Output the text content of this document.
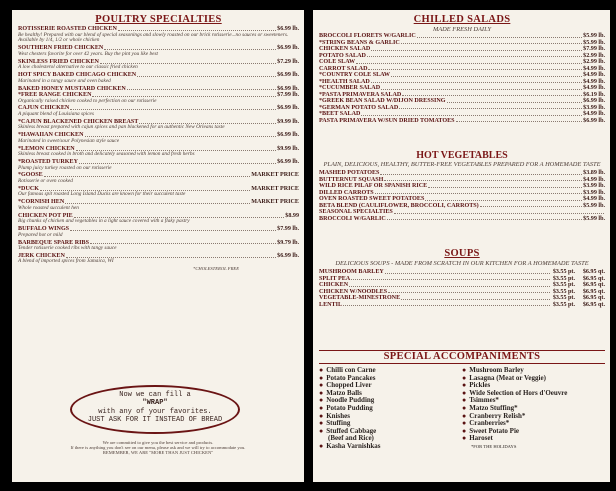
POULTRY SPECIALTIES

ROTISSERIE ROASTED CHICKEN	$6.99 lb.

Be healthy! Prepared with our blend of special seasonings and slowly roasted on our brick rotisserie...no sauces or sweeteners. Available by 1/4, 1/2 or whole chicken

SOUTHERN FRIED CHICKEN	$6.99 lb.

West chesters favorite for over 42 years. Buy the pint you like best

SKINLESS FRIED CHICKEN	$7.29 lb.

A low cholesterol alternative to our classic fried chicken

HOT SPICY BAKED CHICAGO CHICKEN	$6.99 lb.

Marinated in a tangy sauce and oven baked

BAKED HONEY MUSTARD CHICKEN	$6.99 lb.
*FREE RANGE CHICKEN	$7.99 lb.

Organically raised chicken cooked to perfection on our rotisserie

CAJUN CHICKEN	$6.99 lb.

A piquant blend of Louisiana spices

*CAJUN BLACKENED CHICKEN BREAST	$9.99 lb.

Skinless breast prepared with cajun spices and pan blackened for an authentic New Orleans taste

*HAWAIIAN CHICKEN	$6.99 lb.

Marinated in sweet/sour Polynesian style sauce

*LEMON CHICKEN	$9.99 lb.

Skinless breast cooked in broth and delicately seasoned with lemon and fresh herbs

*ROASTED TURKEY	$6.99 lb.

Plump juicy turkey roasted on our rotisserie

*GOOSE	MARKET PRICE

Rotisserie or oven cooked

*DUCK	MARKET PRICE

Our famous spit roasted Long Island Ducks are known for their succulent taste

*CORNISH HEN	MARKET PRICE

Whole roasted succulent hen

CHICKEN POT PIE	$8.99

Big chunks of chicken and vegetables in a light sauce covered with a flaky pastry

BUFFALO WINGS	$7.99 lb.

Prepared hot or mild

BARBEQUE SPARE RIBS	$9.79 lb.

Tender rotisserie cooked ribs with tangy sauce

JERK CHICKEN	$6.99 lb.

A blend of imported spices from Jamaica, WI

*CHOLESTEROL FREE

Now we can fill a

"WRAP"

with any of your favorites.

JUST ASK FOR IT INSTEAD OF BREAD

We are committed to give you the best service and products.

If there is anything you don't see on our menu, please ask and we will try to accommodate you.

REMEMBER, WE ARE "MORE THAN JUST CHICKEN"

CHILLED SALADS

MADE FRESH DAILY

BROCCOLI FLORETS W/GARLIC	$5.99 lb.
*STRING BEANS & GARLIC	$5.99 lb.
CHICKEN SALAD	$7.99 lb.
POTATO SALAD	$2.99 lb.
COLE SLAW	$2.99 lb.
CARROT SALAD	$4.99 lb.
*COUNTRY COLE SLAW	$4.99 lb.
*HEALTH SALAD	$4.99 lb.
*CUCUMBER SALAD	$4.99 lb.
*PASTA PRIMAVERA SALAD	$6.19 lb.
*GREEK BEAN SALAD W/DIJON DRESSING	$6.99 lb.
*GERMAN POTATO SALAD	$3.99 lb.
*BEET SALAD	$4.99 lb.
PASTA PRIMAVERA W/SUN DRIED TOMATOES	$6.99 lb.

HOT VEGETABLES

PLAIN, DELICIOUS, HEALTHY, BUTTER-FREE VEGETABLES PREPARED FOR A HOMEMADE TASTE

MASHED POTATOES	$3.89 lb.
BUTTERNUT SQUASH	$4.99 lb.
WILD RICE PILAF OR SPANISH RICE	$3.99 lb.
DILLED CARROTS	$3.99 lb.
OVEN ROASTED SWEET POTATOES	$4.99 lb.
BETA BLEND (CAULIFLOWER, BROCCOLI, CARROTS)	$5.99 lb.
SEASONAL SPECIALTIES
BROCCOLI W/GARLIC	$5.99 lb.

SOUPS

DELICIOUS SOUPS - MADE FROM SCRATCH IN OUR KITCHEN FOR A HOMEMADE TASTE

MUSHROOM BARLEY	$3.55 pt.	$6.95 qt.
SPLIT PEA	$3.55 pt.	$6.95 qt.
CHICKEN	$3.55 pt.	$6.95 qt.
CHICKEN W/NOODLES	$3.55 pt.	$6.95 qt.
VEGETABLE-MINESTRONE	$3.55 pt.	$6.95 qt.
LENTIL	$3.55 pt.	$6.95 qt.

SPECIAL ACCOMPANIMENTS

● Chilli con Carne

● Potato Pancakes

● Chopped Liver

● Matzo Balls

● Noodle Pudding

● Potato Pudding

● Knishes

● Stuffing

● Stuffed Cabbage

(Beef and Rice)

● Kasha Varnishkas

● Mushroom Barley

● Lasagna (Meat or Veggie)

● Pickles

● Wide Selection of Hors d'Oeuvre

● Tsimmes*

● Matzo Stuffing*

● Cranberry Relish*

● Cranberries*

● Sweet Potato Pie

● Haroset

*FOR THE HOLIDAYS
